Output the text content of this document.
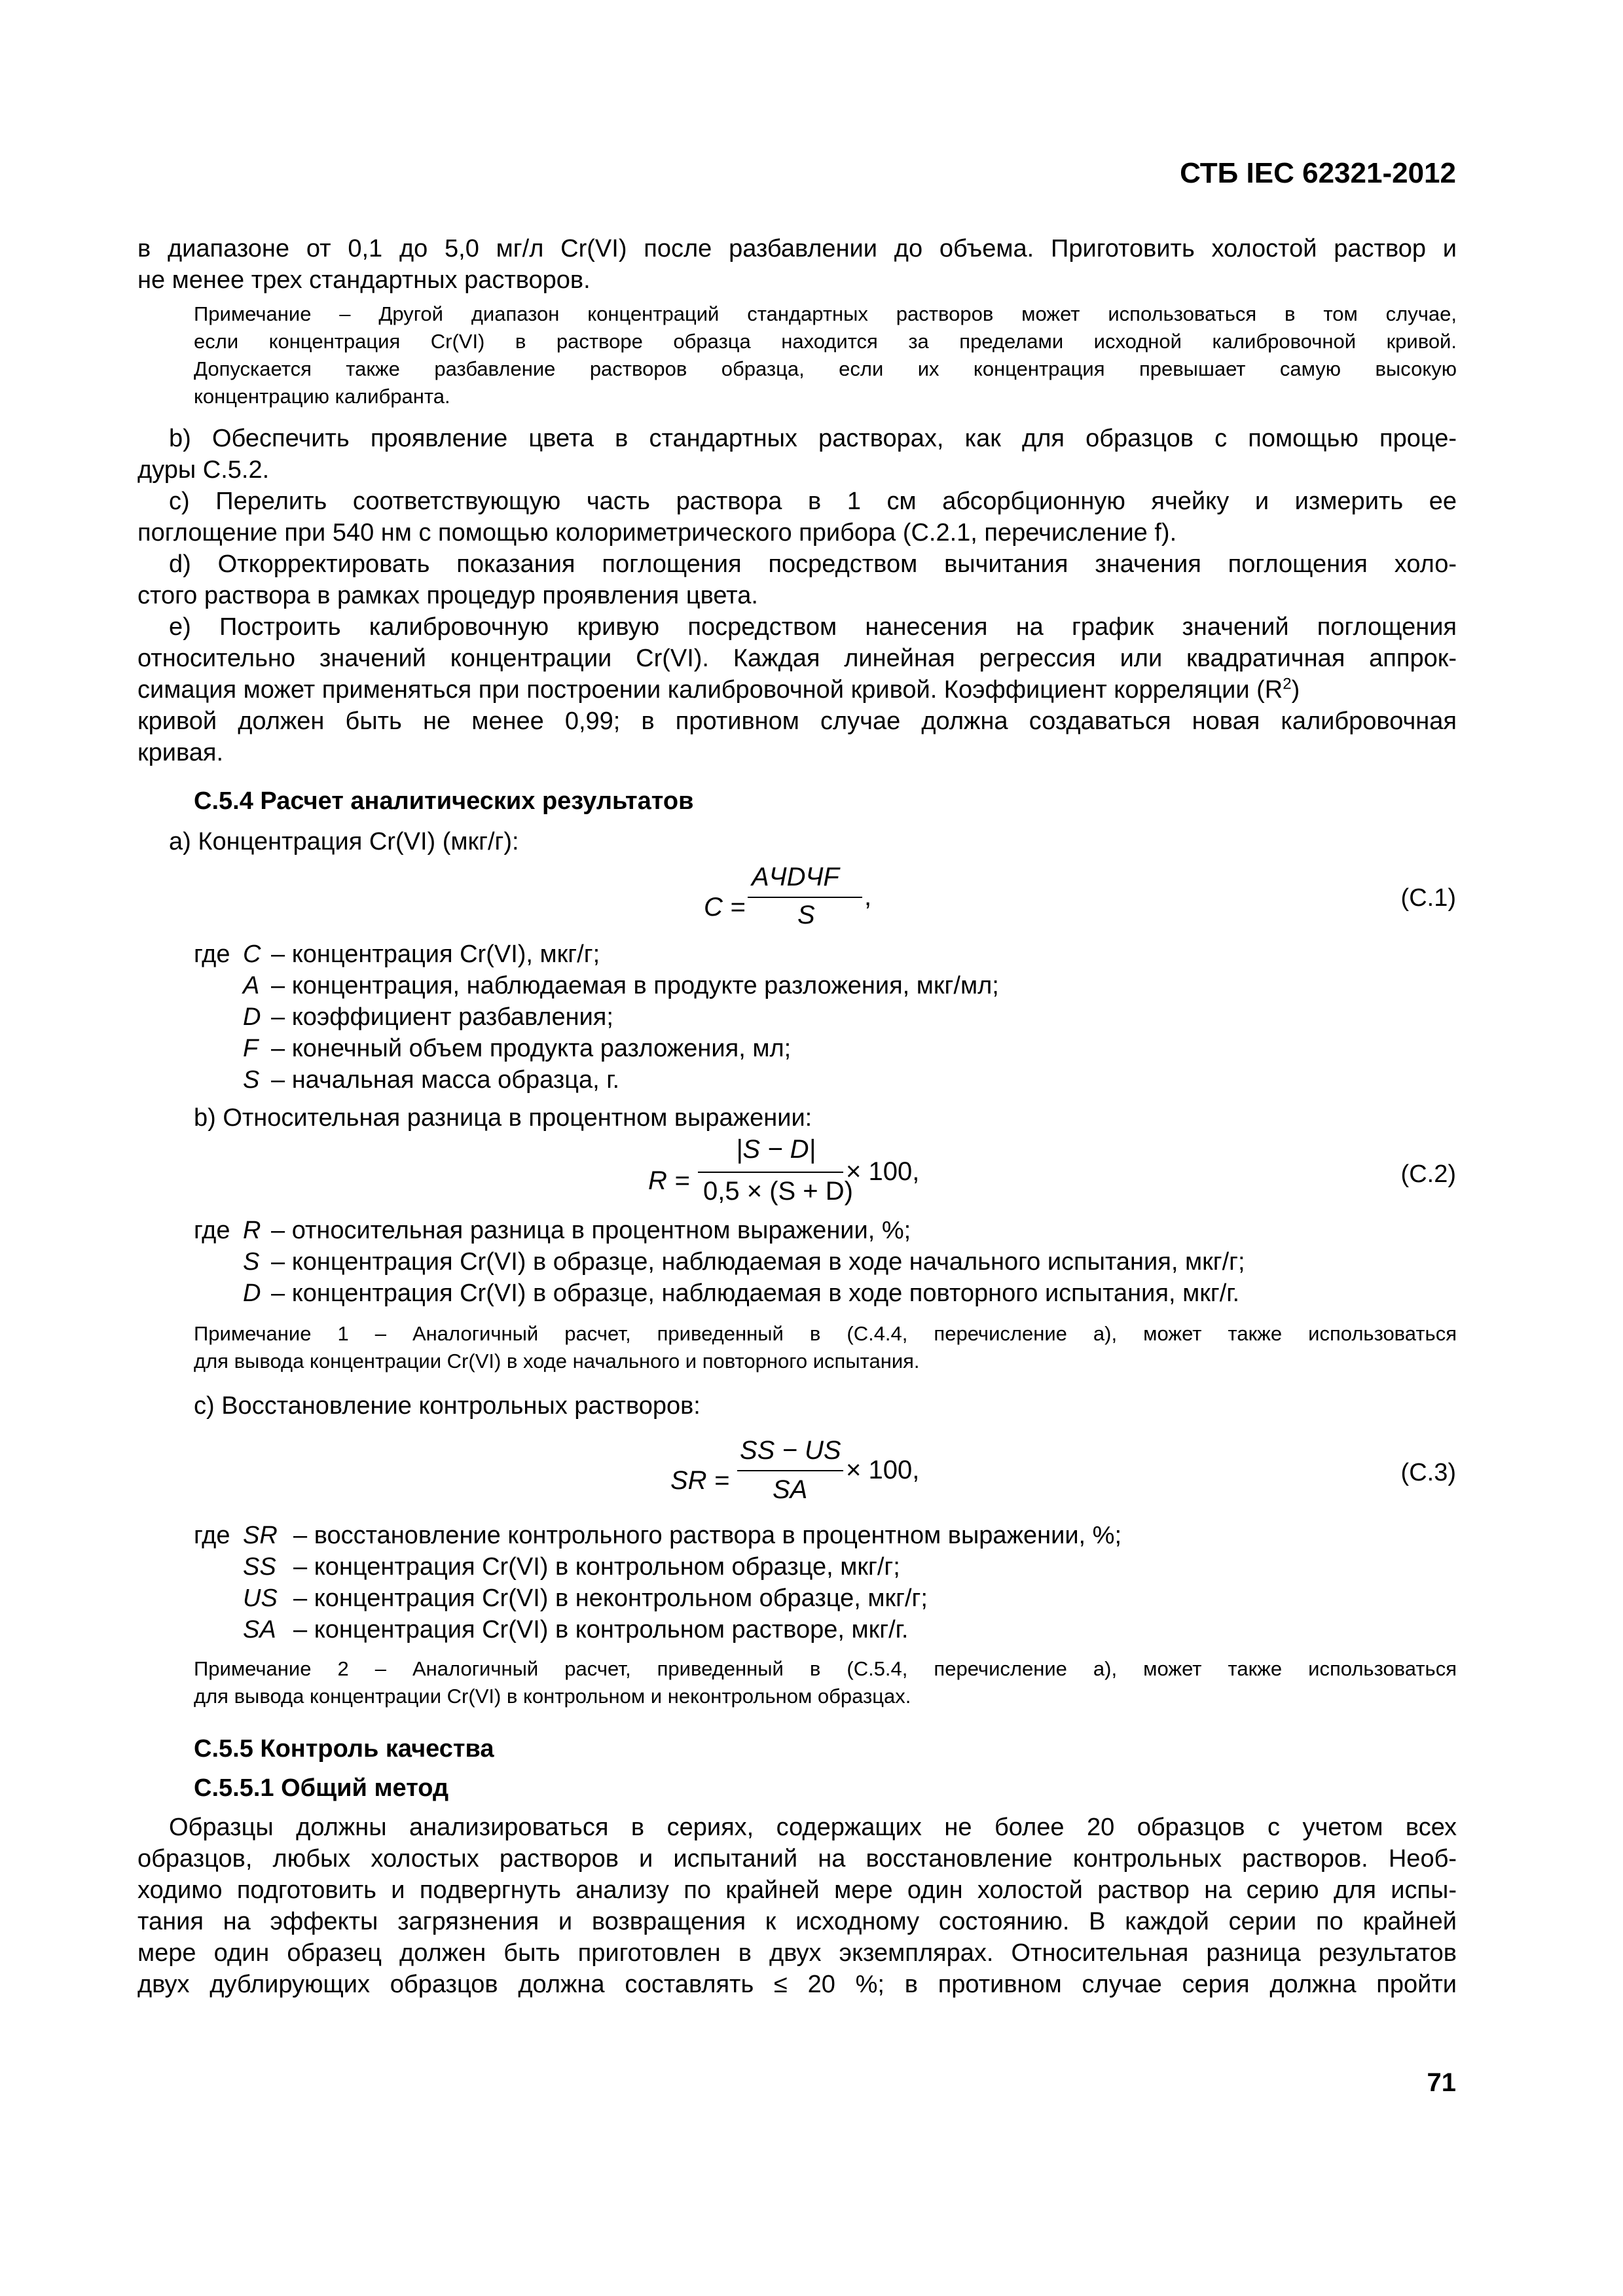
СТБ IEC 62321-2012
в диапазоне от 0,1 до 5,0 мг/л Cr(VI) после разбавлении до объема. Приготовить холостой раствор и
не менее трех стандартных растворов.
Примечание – Другой диапазон концентраций стандартных растворов может использоваться в том случае,
если концентрация Cr(VI) в растворе образца находится за пределами исходной калибровочной кривой.
Допускается также разбавление растворов образца, если их концентрация превышает самую высокую
концентрацию калибранта.
b) Обеспечить проявление цвета в стандартных растворах, как для образцов с помощью проце-
дуры С.5.2.
c) Перелить соответствующую часть раствора в 1 см абсорбционную ячейку и измерить ее
поглощение при 540 нм с помощью колориметрического прибора (С.2.1, перечисление f).
d) Откорректировать показания поглощения посредством вычитания значения поглощения холо-
стого раствора в рамках процедур проявления цвета.
e) Построить калибровочную кривую посредством нанесения на график значений поглощения
относительно значений концентрации Cr(VI). Каждая линейная регрессия или квадратичная аппрок-
симация может применяться при построении калибровочной кривой. Коэффициент корреляции $(R^2)$
кривой должен быть не менее 0,99; в противном случае должна создаваться новая калибровочная
кривая.
С.5.4 Расчет аналитических результатов
а) Концентрация Cr(VI) (мкг/г):
C =
AЧDЧF
S
,	(С.1)
где C – концентрация Cr(VI), мкг/г;
A – концентрация, наблюдаемая в продукте разложения, мкг/мл;
D – коэффициент разбавления;
F – конечный объем продукта разложения, мл;
S – начальная масса образца, г.
b) Относительная разница в процентном выражении:
R =
|S − D|
0,5 × (S + D)
× 100,	(С.2)
где R – относительная разница в процентном выражении, %;
S – концентрация Cr(VI) в образце, наблюдаемая в ходе начального испытания, мкг/г;
D – концентрация Cr(VI) в образце, наблюдаемая в ходе повторного испытания, мкг/г.
Примечание 1 – Аналогичный расчет, приведенный в (С.4.4, перечисление а), может также использоваться
для вывода концентрации Cr(VI) в ходе начального и повторного испытания.
c) Восстановление контрольных растворов:
SR =
SS − US
SA
× 100,	(С.3)
где SR – восстановление контрольного раствора в процентном выражении, %;
SS – концентрация Cr(VI) в контрольном образце, мкг/г;
US – концентрация Cr(VI) в неконтрольном образце, мкг/г;
SA – концентрация Cr(VI) в контрольном растворе, мкг/г.
Примечание 2 – Аналогичный расчет, приведенный в (С.5.4, перечисление а), может также использоваться
для вывода концентрации Cr(VI) в контрольном и неконтрольном образцах.
С.5.5 Контроль качества
С.5.5.1 Общий метод
Образцы должны анализироваться в сериях, содержащих не более 20 образцов с учетом всех
образцов, любых холостых растворов и испытаний на восстановление контрольных растворов. Необ-
ходимо подготовить и подвергнуть анализу по крайней мере один холостой раствор на серию для испы-
тания на эффекты загрязнения и возвращения к исходному состоянию. В каждой серии по крайней
мере один образец должен быть приготовлен в двух экземплярах. Относительная разница результатов
двух дублирующих образцов должна составлять ≤ 20 %; в противном случае серия должна пройти
71
